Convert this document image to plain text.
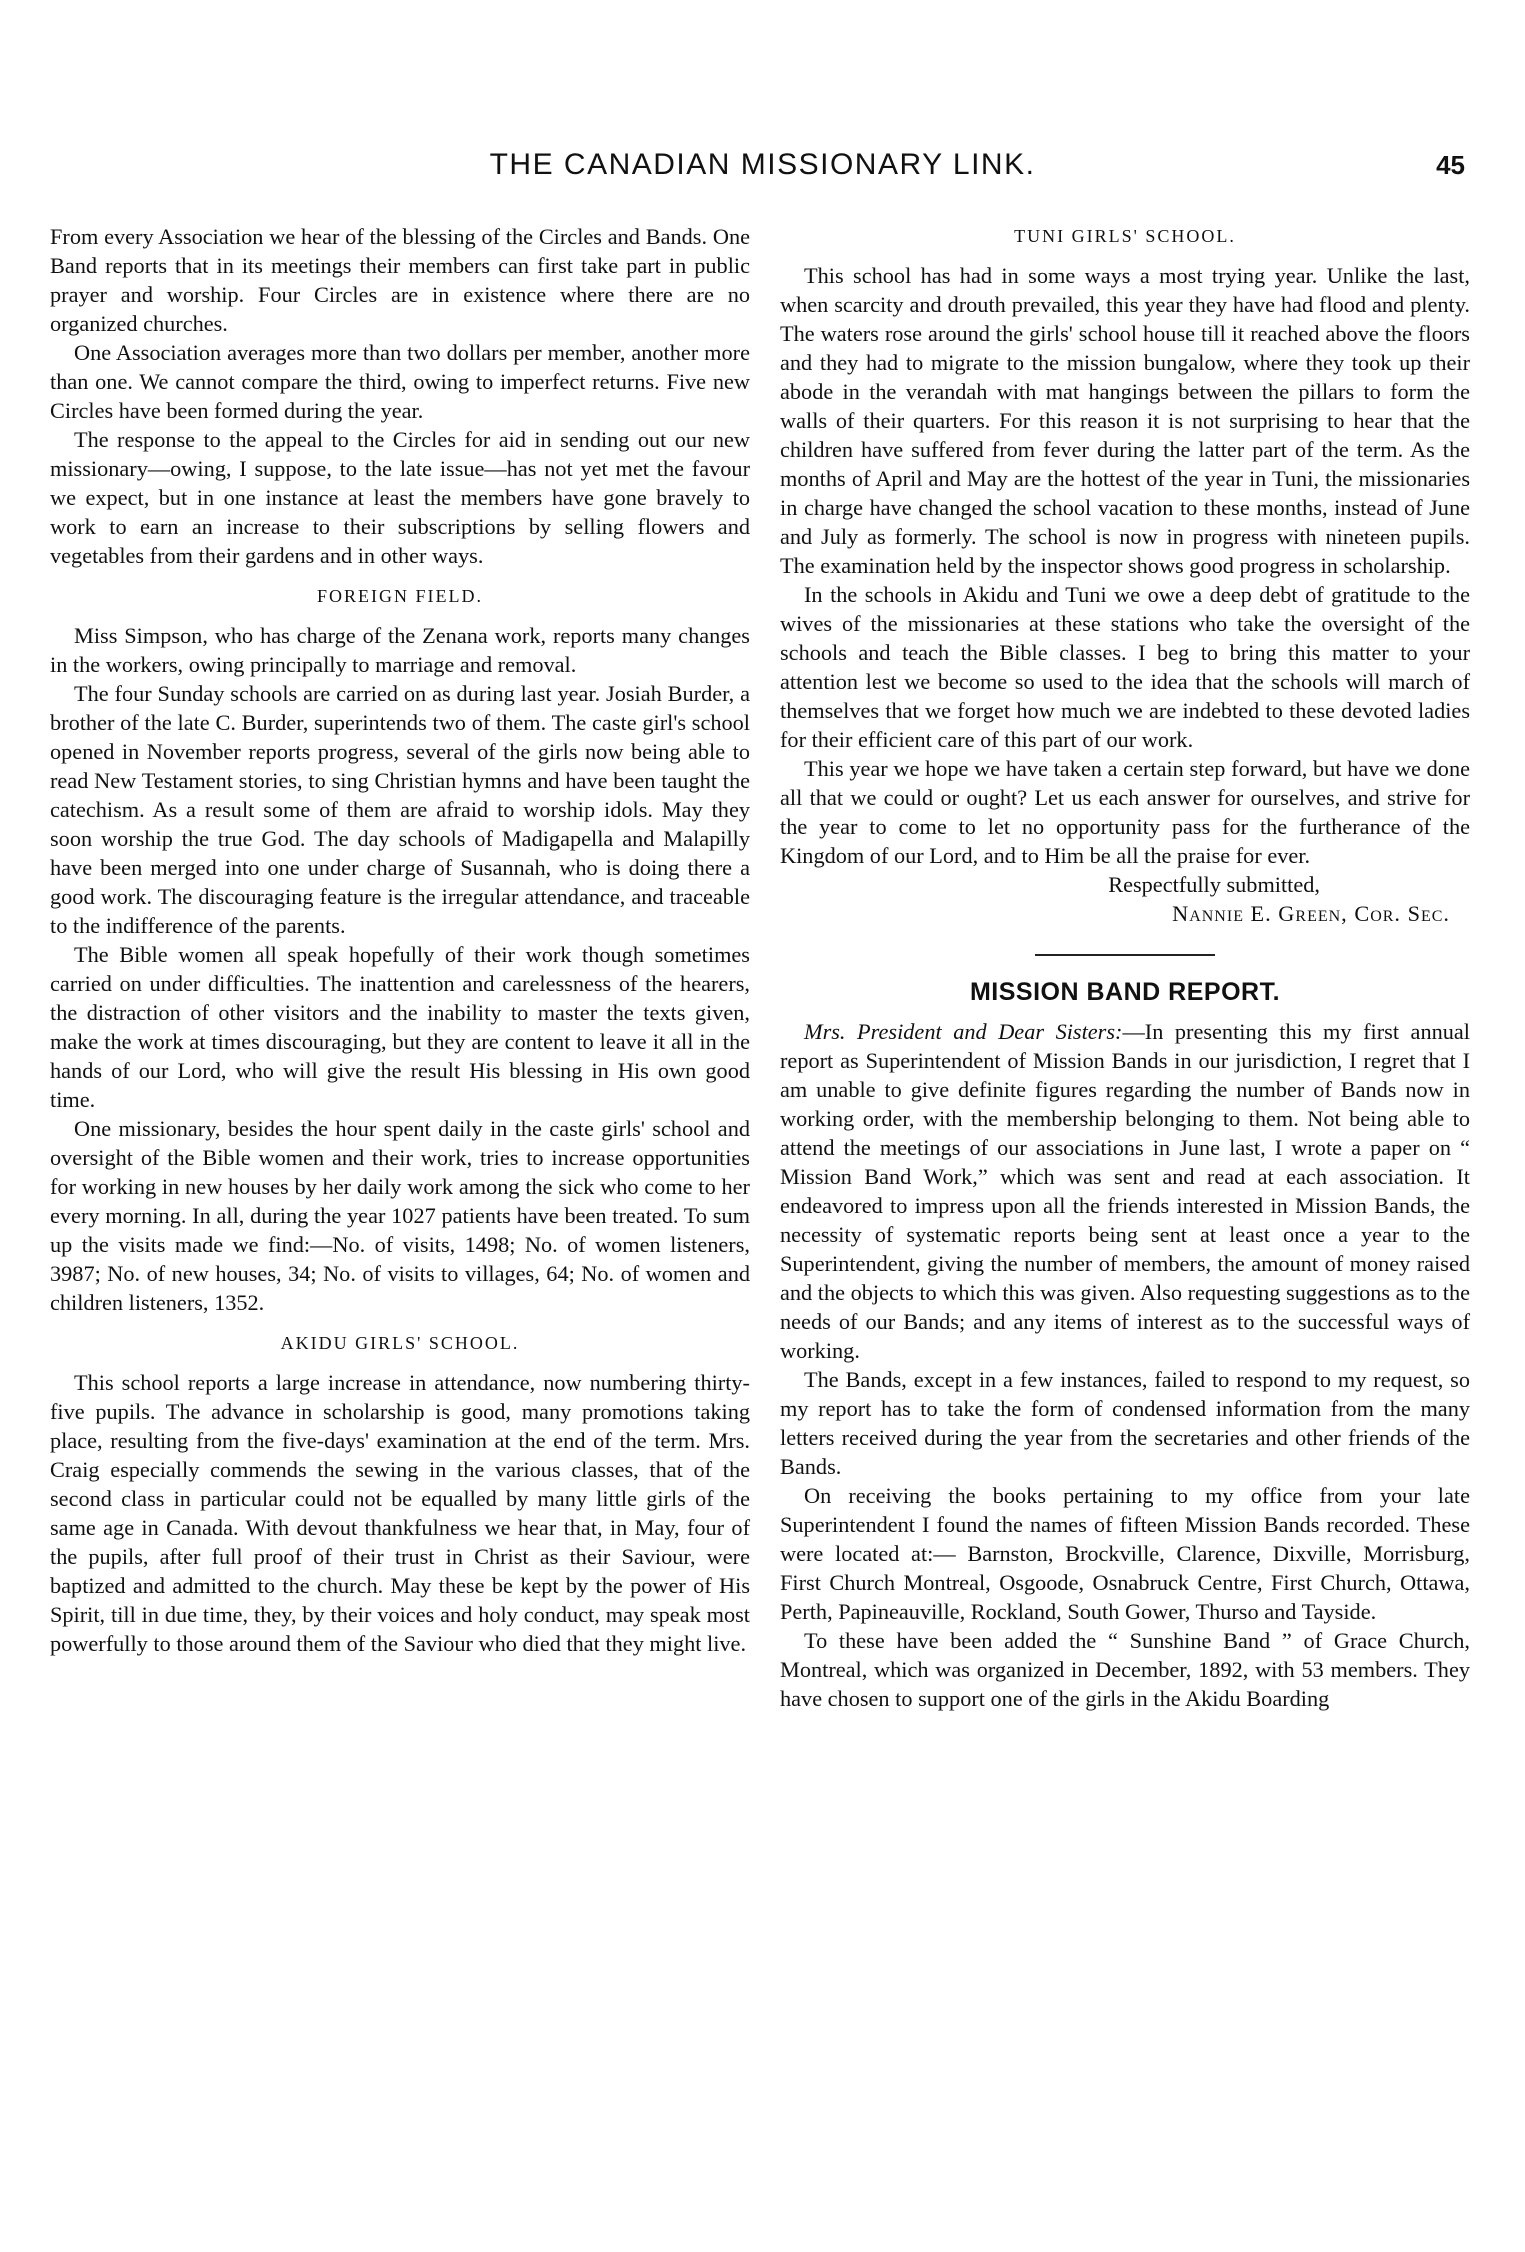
THE CANADIAN MISSIONARY LINK.	45

From every Association we hear of the blessing of the Circles and Bands. One Band reports that in its meetings their members can first take part in public prayer and worship. Four Circles are in existence where there are no organized churches.

One Association averages more than two dollars per member, another more than one. We cannot compare the third, owing to imperfect returns. Five new Circles have been formed during the year.

The response to the appeal to the Circles for aid in sending out our new missionary—owing, I suppose, to the late issue—has not yet met the favour we expect, but in one instance at least the members have gone bravely to work to earn an increase to their subscriptions by selling flowers and vegetables from their gardens and in other ways.

FOREIGN FIELD.

Miss Simpson, who has charge of the Zenana work, reports many changes in the workers, owing principally to marriage and removal.

The four Sunday schools are carried on as during last year. Josiah Burder, a brother of the late C. Burder, superintends two of them. The caste girl's school opened in November reports progress, several of the girls now being able to read New Testament stories, to sing Christian hymns and have been taught the catechism. As a result some of them are afraid to worship idols. May they soon worship the true God. The day schools of Madigapella and Malapilly have been merged into one under charge of Susannah, who is doing there a good work. The discouraging feature is the irregular attendance, and traceable to the indifference of the parents.

The Bible women all speak hopefully of their work though sometimes carried on under difficulties. The inattention and carelessness of the hearers, the distraction of other visitors and the inability to master the texts given, make the work at times discouraging, but they are content to leave it all in the hands of our Lord, who will give the result His blessing in His own good time.

One missionary, besides the hour spent daily in the caste girls' school and oversight of the Bible women and their work, tries to increase opportunities for working in new houses by her daily work among the sick who come to her every morning. In all, during the year 1027 patients have been treated. To sum up the visits made we find:—No. of visits, 1498; No. of women listeners, 3987; No. of new houses, 34; No. of visits to villages, 64; No. of women and children listeners, 1352.

AKIDU GIRLS' SCHOOL.

This school reports a large increase in attendance, now numbering thirty-five pupils. The advance in scholarship is good, many promotions taking place, resulting from the five-days' examination at the end of the term. Mrs. Craig especially commends the sewing in the various classes, that of the second class in particular could not be equalled by many little girls of the same age in Canada. With devout thankfulness we hear that, in May, four of the pupils, after full proof of their trust in Christ as their Saviour, were baptized and admitted to the church. May these be kept by the power of His Spirit, till in due time, they, by their voices and holy conduct, may speak most powerfully to those around them of the Saviour who died that they might live.

TUNI GIRLS' SCHOOL.

This school has had in some ways a most trying year. Unlike the last, when scarcity and drouth prevailed, this year they have had flood and plenty. The waters rose around the girls' school house till it reached above the floors and they had to migrate to the mission bungalow, where they took up their abode in the verandah with mat hangings between the pillars to form the walls of their quarters. For this reason it is not surprising to hear that the children have suffered from fever during the latter part of the term. As the months of April and May are the hottest of the year in Tuni, the missionaries in charge have changed the school vacation to these months, instead of June and July as formerly. The school is now in progress with nineteen pupils. The examination held by the inspector shows good progress in scholarship.

In the schools in Akidu and Tuni we owe a deep debt of gratitude to the wives of the missionaries at these stations who take the oversight of the schools and teach the Bible classes. I beg to bring this matter to your attention lest we become so used to the idea that the schools will march of themselves that we forget how much we are indebted to these devoted ladies for their efficient care of this part of our work.

This year we hope we have taken a certain step forward, but have we done all that we could or ought? Let us each answer for ourselves, and strive for the year to come to let no opportunity pass for the furtherance of the Kingdom of our Lord, and to Him be all the praise for ever.

Respectfully submitted,
Nannie E. Green, Cor. Sec.
MISSION BAND REPORT.

Mrs. President and Dear Sisters:—In presenting this my first annual report as Superintendent of Mission Bands in our jurisdiction, I regret that I am unable to give definite figures regarding the number of Bands now in working order, with the membership belonging to them. Not being able to attend the meetings of our associations in June last, I wrote a paper on “ Mission Band Work,” which was sent and read at each association. It endeavored to impress upon all the friends interested in Mission Bands, the necessity of systematic reports being sent at least once a year to the Superintendent, giving the number of members, the amount of money raised and the objects to which this was given. Also requesting suggestions as to the needs of our Bands; and any items of interest as to the successful ways of working.

The Bands, except in a few instances, failed to respond to my request, so my report has to take the form of condensed information from the many letters received during the year from the secretaries and other friends of the Bands.

On receiving the books pertaining to my office from your late Superintendent I found the names of fifteen Mission Bands recorded. These were located at:— Barnston, Brockville, Clarence, Dixville, Morrisburg, First Church Montreal, Osgoode, Osnabruck Centre, First Church, Ottawa, Perth, Papineauville, Rockland, South Gower, Thurso and Tayside.

To these have been added the “ Sunshine Band ” of Grace Church, Montreal, which was organized in December, 1892, with 53 members. They have chosen to support one of the girls in the Akidu Boarding
